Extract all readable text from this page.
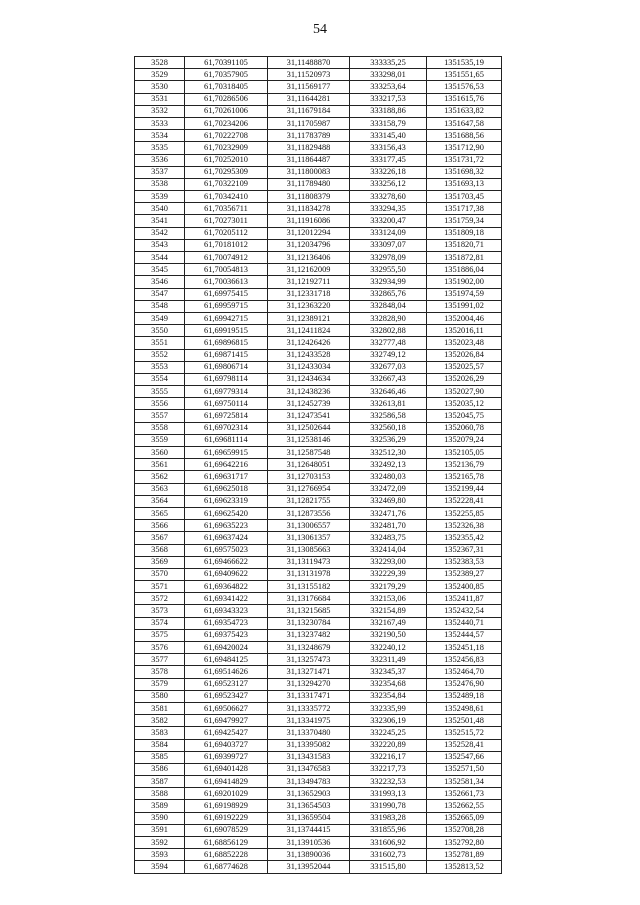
54
3528	61,70391105	31,11488870	333335,25	1351535,19
3529	61,70357905	31,11520973	333298,01	1351551,65
3530	61,70318405	31,11569177	333253,64	1351576,53
3531	61,70286506	31,11644281	333217,53	1351615,76
3532	61,70261006	31,11679184	333188,86	1351633,82
3533	61,70234206	31,11705987	333158,79	1351647,58
3534	61,70222708	31,11783789	333145,40	1351688,56
3535	61,70232909	31,11829488	333156,43	1351712,90
3536	61,70252010	31,11864487	333177,45	1351731,72
3537	61,70295309	31,11800083	333226,18	1351698,32
3538	61,70322109	31,11789480	333256,12	1351693,13
3539	61,70342410	31,11808379	333278,60	1351703,45
3540	61,70356711	31,11834278	333294,35	1351717,38
3541	61,70273011	31,11916086	333200,47	1351759,34
3542	61,70205112	31,12012294	333124,09	1351809,18
3543	61,70181012	31,12034796	333097,07	1351820,71
3544	61,70074912	31,12136406	332978,09	1351872,81
3545	61,70054813	31,12162009	332955,50	1351886,04
3546	61,70036613	31,12192711	332934,99	1351902,00
3547	61,69975415	31,12331718	332865,76	1351974,59
3548	61,69959715	31,12363220	332848,04	1351991,02
3549	61,69942715	31,12389121	332828,90	1352004,46
3550	61,69919515	31,12411824	332802,88	1352016,11
3551	61,69896815	31,12426426	332777,48	1352023,48
3552	61,69871415	31,12433528	332749,12	1352026,84
3553	61,69806714	31,12433034	332677,03	1352025,57
3554	61,69798114	31,12434634	332667,43	1352026,29
3555	61,69779314	31,12438236	332646,46	1352027,90
3556	61,69750114	31,12452739	332613,81	1352035,12
3557	61,69725814	31,12473541	332586,58	1352045,75
3558	61,69702314	31,12502644	332560,18	1352060,78
3559	61,69681114	31,12538146	332536,29	1352079,24
3560	61,69659915	31,12587548	332512,30	1352105,05
3561	61,69642216	31,12648051	332492,13	1352136,79
3562	61,69631717	31,12703153	332480,03	1352165,78
3563	61,69625018	31,12766954	332472,09	1352199,44
3564	61,69623319	31,12821755	332469,80	1352228,41
3565	61,69625420	31,12873556	332471,76	1352255,85
3566	61,69635223	31,13006557	332481,70	1352326,38
3567	61,69637424	31,13061357	332483,75	1352355,42
3568	61,69575023	31,13085663	332414,04	1352367,31
3569	61,69466622	31,13119473	332293,00	1352383,53
3570	61,69409622	31,13131978	332229,39	1352389,27
3571	61,69364822	31,13155182	332179,29	1352400,85
3572	61,69341422	31,13176684	332153,06	1352411,87
3573	61,69343323	31,13215685	332154,89	1352432,54
3574	61,69354723	31,13230784	332167,49	1352440,71
3575	61,69375423	31,13237482	332190,50	1352444,57
3576	61,69420024	31,13248679	332240,12	1352451,18
3577	61,69484125	31,13257473	332311,49	1352456,83
3578	61,69514626	31,13271471	332345,37	1352464,70
3579	61,69523127	31,13294270	332354,68	1352476,90
3580	61,69523427	31,13317471	332354,84	1352489,18
3581	61,69506627	31,13335772	332335,99	1352498,61
3582	61,69479927	31,13341975	332306,19	1352501,48
3583	61,69425427	31,13370480	332245,25	1352515,72
3584	61,69403727	31,13395082	332220,89	1352528,41
3585	61,69399727	31,13431583	332216,17	1352547,66
3586	61,69401428	31,13476583	332217,73	1352571,50
3587	61,69414829	31,13494783	332232,53	1352581,34
3588	61,69201029	31,13652903	331993,13	1352661,73
3589	61,69198929	31,13654503	331990,78	1352662,55
3590	61,69192229	31,13659504	331983,28	1352665,09
3591	61,69078529	31,13744415	331855,96	1352708,28
3592	61,68856129	31,13910536	331606,92	1352792,80
3593	61,68852228	31,13890036	331602,73	1352781,89
3594	61,68774628	31,13952044	331515,80	1352813,52
